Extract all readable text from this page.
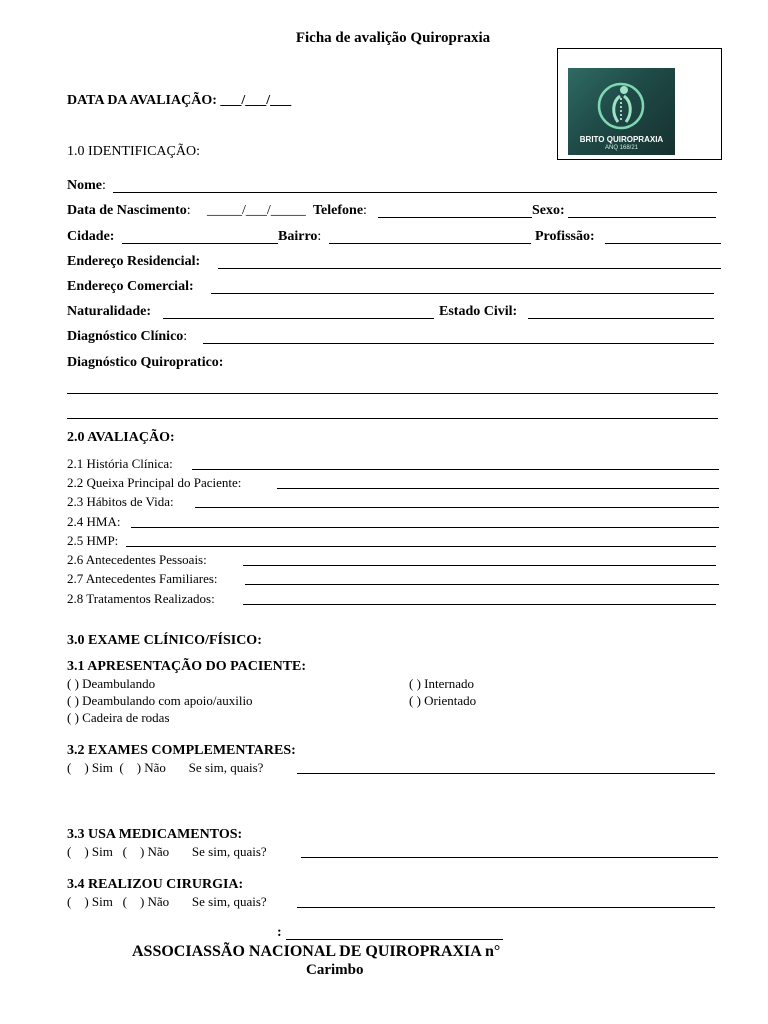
Ficha de avalição Quiropraxia
BRITO QUIROPRAXIA
ANQ 168/21
DATA DA AVALIAÇÃO: ___/___/___
1.0 IDENTIFICAÇÃO:
Nome:
Data de Nascimento: _____/___/_____ Telefone:	Sexo:
Cidade:	Bairro:	Profissão:
Endereço Residencial:
Endereço Comercial:
Naturalidade:	Estado Civil:
Diagnóstico Clínico:
Diagnóstico Quiropratico:
2.0 AVALIAÇÃO:
2.1 História Clínica:
2.2 Queixa Principal do Paciente:
2.3 Hábitos de Vida:
2.4 HMA:
2.5 HMP:
2.6 Antecedentes Pessoais:
2.7 Antecedentes Familiares:
2.8 Tratamentos Realizados:
3.0 EXAME CLÍNICO/FÍSICO:
3.1 APRESENTAÇÃO DO PACIENTE:
( ) Deambulando
( ) Deambulando com apoio/auxilio
( ) Cadeira de rodas
( ) Internado
( ) Orientado
3.2 EXAMES COMPLEMENTARES:
(    ) Sim  (    ) Não       Se sim, quais?
3.3 USA MEDICAMENTOS:
(    ) Sim   (    ) Não       Se sim, quais?
3.4 REALIZOU CIRURGIA:
(    ) Sim   (    ) Não       Se sim, quais?
:
ASSOCIASSÃO NACIONAL DE QUIROPRAXIA n°
Carimbo
